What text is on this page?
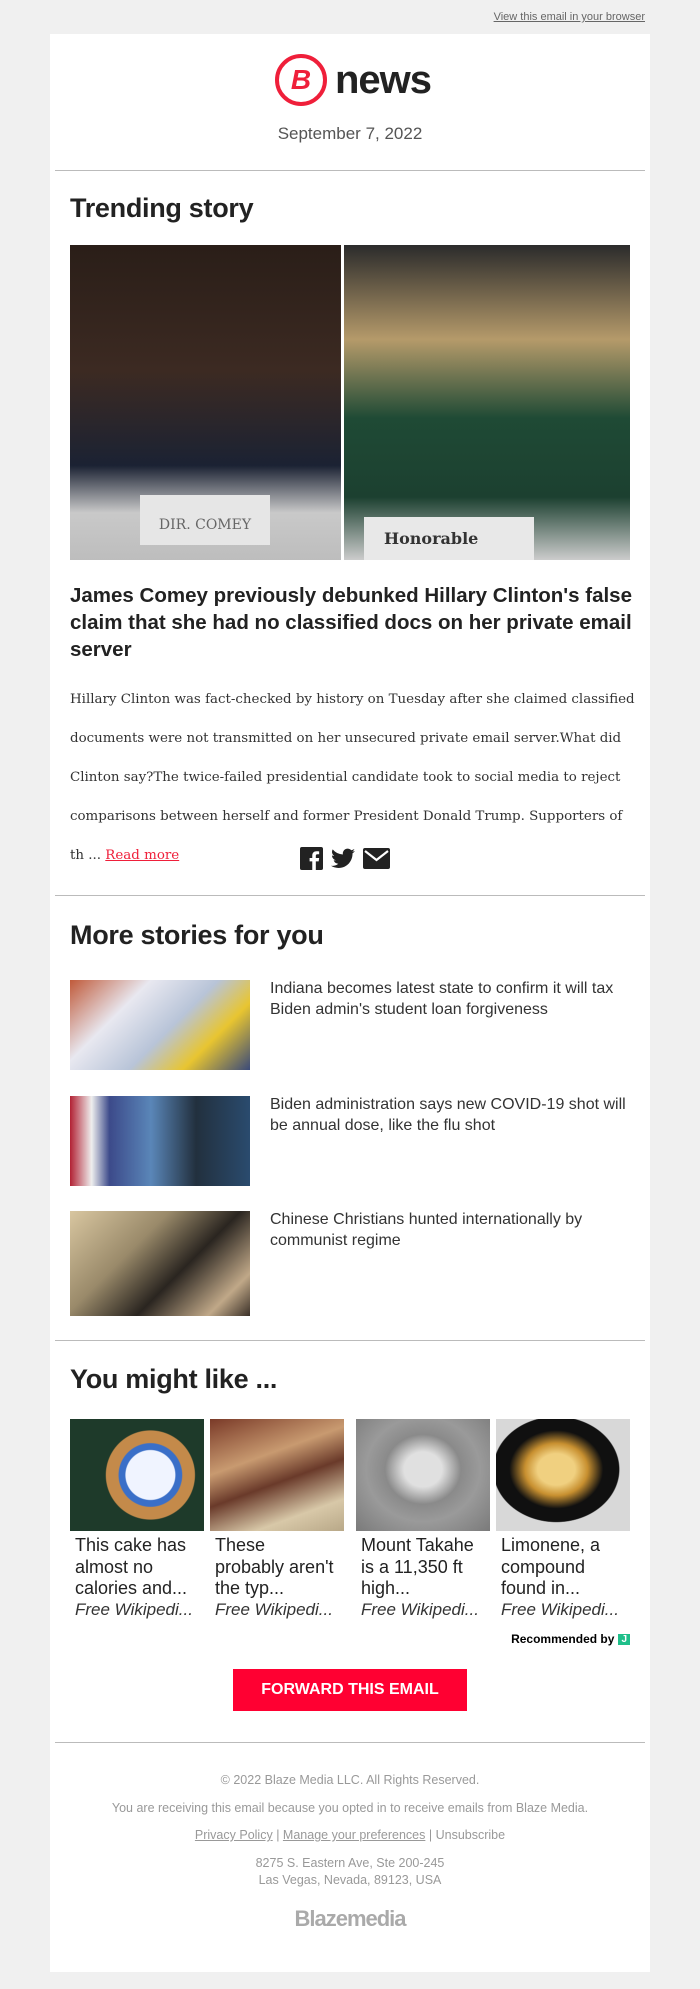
View this email in your browser
B news
September 7, 2022
Trending story
DIR. COMEY
Honorable
James Comey previously debunked Hillary Clinton's false claim that she had no classified docs on her private email server
Hillary Clinton was fact-checked by history on Tuesday after she claimed classified documents were not transmitted on her unsecured private email server.What did Clinton say?The twice-failed presidential candidate took to social media to reject comparisons between herself and former President Donald Trump. Supporters of th ... Read more
More stories for you
Indiana becomes latest state to confirm it will tax Biden admin's student loan forgiveness
Biden administration says new COVID-19 shot will be annual dose, like the flu shot
Chinese Christians hunted internationally by communist regime
You might like ...
This cake has almost no calories and...
Free Wikipedi...
These probably aren't the typ...
Free Wikipedi...
Mount Takahe is a 11,350 ft high...
Free Wikipedi...
Limonene, a compound found in...
Free Wikipedi...
Recommended by J
FORWARD THIS EMAIL
© 2022 Blaze Media LLC. All Rights Reserved.
You are receiving this email because you opted in to receive emails from Blaze Media.
Privacy Policy | Manage your preferences | Unsubscribe
8275 S. Eastern Ave, Ste 200-245
Las Vegas, Nevada, 89123, USA
Blazemedia
